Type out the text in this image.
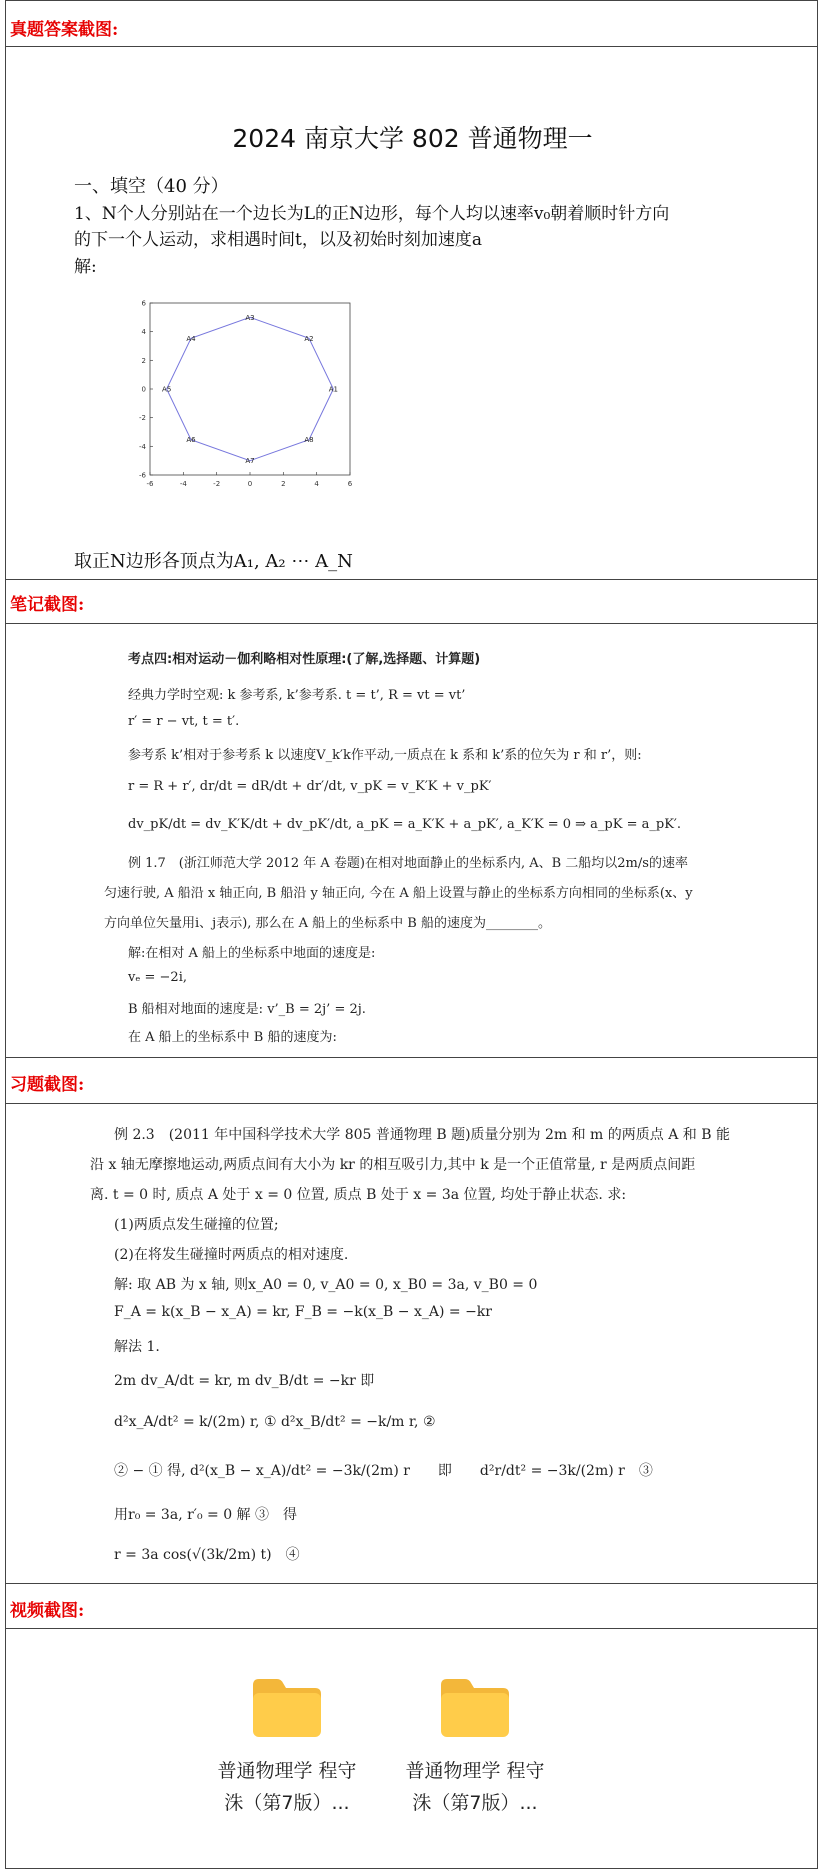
真题答案截图:
2024 南京大学 802 普通物理一
一、填空（40 分）
1、N个人分别站在一个边长为L的正N边形，每个人均以速率v₀朝着顺时针方向
的下一个人运动，求相遇时间t，以及初始时刻加速度a
解:
-6	-4	-2	0	2	4	6
6
4
2
0
-2
-4
-6
A1
A2
A3
A4
A5
A6
A7
A8
取正N边形各顶点为A₁, A₂ ⋯ A_N
笔记截图:
考点四:相对运动－伽利略相对性原理:(了解,选择题、计算题)
经典力学时空观: k 参考系, k’参考系. t = t’, R = vt = vt’
r′ = r − vt, t = t′.
参考系 k’相对于参考系 k 以速度V_k′k作平动,一质点在 k 系和 k’系的位矢为 r 和 r’，则:
r = R + r′, dr/dt = dR/dt + dr′/dt, v_pK = v_K′K + v_pK′
dv_pK/dt = dv_K′K/dt + dv_pK′/dt, a_pK = a_K′K + a_pK′, a_K′K = 0 ⇒ a_pK = a_pK′.
例 1.7　(浙江师范大学 2012 年 A 卷题)在相对地面静止的坐标系内, A、B 二船均以2m/s的速率
匀速行驶, A 船沿 x 轴正向, B 船沿 y 轴正向, 今在 A 船上设置与静止的坐标系方向相同的坐标系(x、y
方向单位矢量用i、j表示), 那么在 A 船上的坐标系中 B 船的速度为________。
解:在相对 A 船上的坐标系中地面的速度是:
vₑ = −2i,
B 船相对地面的速度是: v’_B = 2j’ = 2j.
在 A 船上的坐标系中 B 船的速度为:
习题截图:
例 2.3　(2011 年中国科学技术大学 805 普通物理 B 题)质量分别为 2m 和 m 的两质点 A 和 B 能
沿 x 轴无摩擦地运动,两质点间有大小为 kr 的相互吸引力,其中 k 是一个正值常量, r 是两质点间距
离. t = 0 时, 质点 A 处于 x = 0 位置, 质点 B 处于 x = 3a 位置, 均处于静止状态. 求:
(1)两质点发生碰撞的位置;
(2)在将发生碰撞时两质点的相对速度.
解: 取 AB 为 x 轴, 则x_A0 = 0, v_A0 = 0, x_B0 = 3a, v_B0 = 0
F_A = k(x_B − x_A) = kr, F_B = −k(x_B − x_A) = −kr
解法 1.
2m dv_A/dt = kr, m dv_B/dt = −kr 即
d²x_A/dt² = k/(2m) r, ① d²x_B/dt² = −k/m r, ②
② − ① 得, d²(x_B − x_A)/dt² = −3k/(2m) r　　即　　d²r/dt² = −3k/(2m) r　③
用r₀ = 3a, r′₀ = 0 解 ③　得
r = 3a cos(√(3k/2m) t)　④
视频截图:
普通物理学 程守
洙（第7版）...
普通物理学 程守
洙（第7版）...
